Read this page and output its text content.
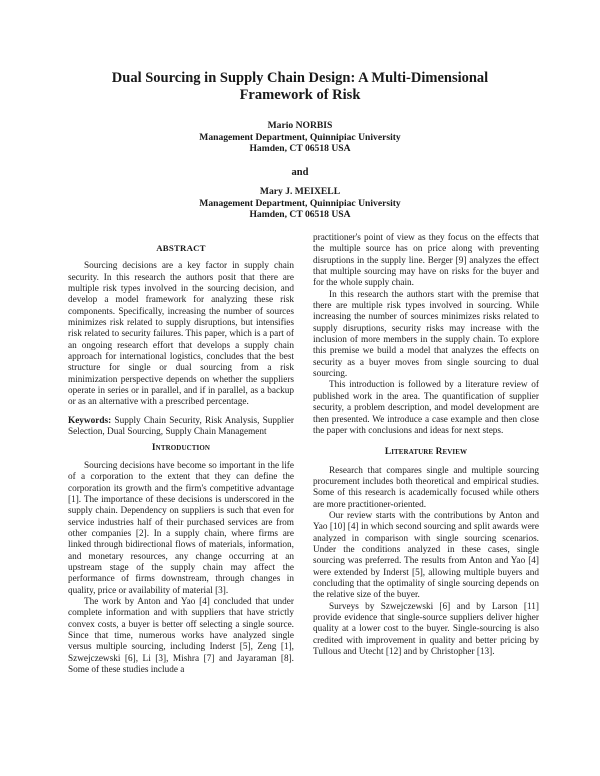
Dual Sourcing in Supply Chain Design: A Multi-Dimensional
Framework of Risk
Mario NORBIS
Management Department, Quinnipiac University
Hamden, CT 06518 USA
and
Mary J. MEIXELL
Management Department, Quinnipiac University
Hamden, CT 06518 USA
ABSTRACT

Sourcing decisions are a key factor in supply chain security. In this research the authors posit that there are multiple risk types involved in the sourcing decision, and develop a model framework for analyzing these risk components. Specifically, increasing the number of sources minimizes risk related to supply disruptions, but intensifies risk related to security failures. This paper, which is a part of an ongoing research effort that develops a supply chain approach for international logistics, concludes that the best structure for single or dual sourcing from a risk minimization perspective depends on whether the suppliers operate in series or in parallel, and if in parallel, as a backup or as an alternative with a prescribed percentage.

Keywords: Supply Chain Security, Risk Analysis, Supplier Selection, Dual Sourcing, Supply Chain Management

Introduction

Sourcing decisions have become so important in the life of a corporation to the extent that they can define the corporation its growth and the firm's competitive advantage [1]. The importance of these decisions is underscored in the supply chain. Dependency on suppliers is such that even for service industries half of their purchased services are from other companies [2]. In a supply chain, where firms are linked through bidirectional flows of materials, information, and monetary resources, any change occurring at an upstream stage of the supply chain may affect the performance of firms downstream, through changes in quality, price or availability of material [3].

The work by Anton and Yao [4] concluded that under complete information and with suppliers that have strictly convex costs, a buyer is better off selecting a single source. Since that time, numerous works have analyzed single versus multiple sourcing, including Inderst [5], Zeng [1], Szwejczewski [6], Li [3], Mishra [7] and Jayaraman [8]. Some of these studies include a

practitioner's point of view as they focus on the effects that the multiple source has on price along with preventing disruptions in the supply line. Berger [9] analyzes the effect that multiple sourcing may have on risks for the buyer and for the whole supply chain.

In this research the authors start with the premise that there are multiple risk types involved in sourcing. While increasing the number of sources minimizes risks related to supply disruptions, security risks may increase with the inclusion of more members in the supply chain. To explore this premise we build a model that analyzes the effects on security as a buyer moves from single sourcing to dual sourcing.

This introduction is followed by a literature review of published work in the area. The quantification of supplier security, a problem description, and model development are then presented. We introduce a case example and then close the paper with conclusions and ideas for next steps.

Literature Review

Research that compares single and multiple sourcing procurement includes both theoretical and empirical studies. Some of this research is academically focused while others are more practitioner-oriented.

Our review starts with the contributions by Anton and Yao [10] [4] in which second sourcing and split awards were analyzed in comparison with single sourcing scenarios. Under the conditions analyzed in these cases, single sourcing was preferred. The results from Anton and Yao [4] were extended by Inderst [5], allowing multiple buyers and concluding that the optimality of single sourcing depends on the relative size of the buyer.

Surveys by Szwejczewski [6] and by Larson [11] provide evidence that single-source suppliers deliver higher quality at a lower cost to the buyer. Single-sourcing is also credited with improvement in quality and better pricing by Tullous and Utecht [12] and by Christopher [13].
